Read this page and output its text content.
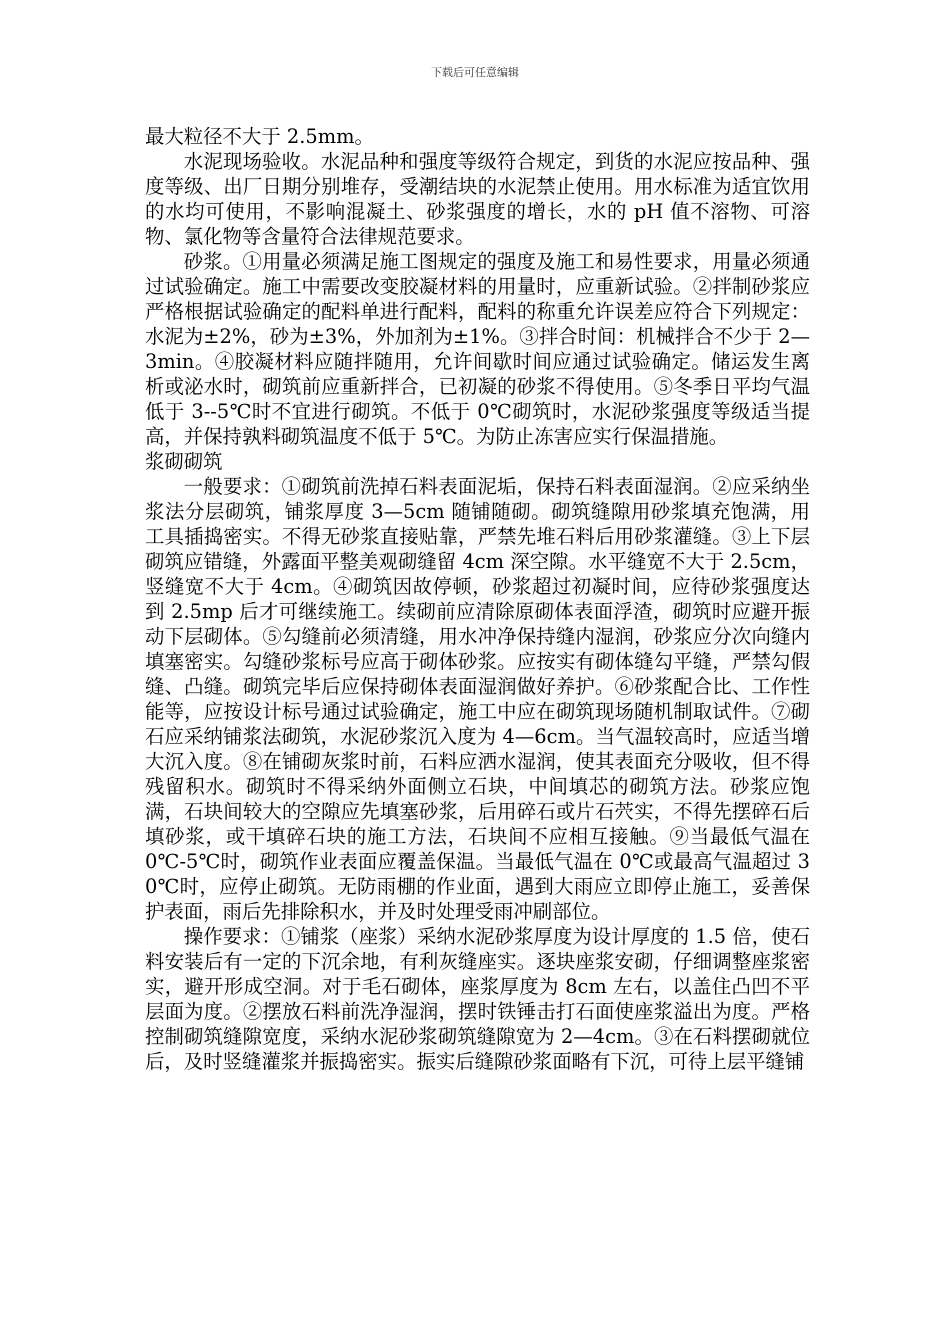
下载后可任意编辑

最大粒径不大于 2.5mm。

水泥现场验收。水泥品种和强度等级符合规定，到货的水泥应按品种、强度等级、出厂日期分别堆存，受潮结块的水泥禁止使用。用水标准为适宜饮用的水均可使用，不影响混凝土、砂浆强度的增长，水的 pH 值不溶物、可溶物、氯化物等含量符合法律规范要求。

砂浆。①用量必须满足施工图规定的强度及施工和易性要求，用量必须通过试验确定。施工中需要改变胶凝材料的用量时，应重新试验。②拌制砂浆应严格根据试验确定的配料单进行配料，配料的称重允许误差应符合下列规定：水泥为±2%，砂为±3%，外加剂为±1%。③拌合时间：机械拌合不少于 2—3min。④胶凝材料应随拌随用，允许间歇时间应通过试验确定。储运发生离析或泌水时，砌筑前应重新拌合，已初凝的砂浆不得使用。⑤冬季日平均气温低于 3--5℃时不宜进行砌筑。不低于 0℃砌筑时，水泥砂浆强度等级适当提高，并保持孰料砌筑温度不低于 5℃。为防止冻害应实行保温措施。

浆砌砌筑

一般要求：①砌筑前洗掉石料表面泥垢，保持石料表面湿润。②应采纳坐浆法分层砌筑，铺浆厚度 3—5cm 随铺随砌。砌筑缝隙用砂浆填充饱满，用工具插捣密实。不得无砂浆直接贴靠，严禁先堆石料后用砂浆灌缝。③上下层砌筑应错缝，外露面平整美观砌缝留 4cm 深空隙。水平缝宽不大于 2.5cm，竖缝宽不大于 4cm。④砌筑因故停顿，砂浆超过初凝时间，应待砂浆强度达到 2.5mp 后才可继续施工。续砌前应清除原砌体表面浮渣，砌筑时应避开振动下层砌体。⑤勾缝前必须清缝，用水冲净保持缝内湿润，砂浆应分次向缝内填塞密实。勾缝砂浆标号应高于砌体砂浆。应按实有砌体缝勾平缝，严禁勾假缝、凸缝。砌筑完毕后应保持砌体表面湿润做好养护。⑥砂浆配合比、工作性能等，应按设计标号通过试验确定，施工中应在砌筑现场随机制取试件。⑦砌石应采纳铺浆法砌筑，水泥砂浆沉入度为 4—6cm。当气温较高时，应适当增大沉入度。⑧在铺砌灰浆时前，石料应洒水湿润，使其表面充分吸收，但不得残留积水。砌筑时不得采纳外面侧立石块，中间填芯的砌筑方法。砂浆应饱满，石块间较大的空隙应先填塞砂浆，后用碎石或片石茓实，不得先摆碎石后填砂浆，或干填碎石块的施工方法，石块间不应相互接触。⑨当最低气温在 0℃-5℃时，砌筑作业表面应覆盖保温。当最低气温在 0℃或最高气温超过 30℃时，应停止砌筑。无防雨棚的作业面，遇到大雨应立即停止施工，妥善保护表面，雨后先排除积水，并及时处理受雨冲刷部位。

操作要求：①铺浆（座浆）采纳水泥砂浆厚度为设计厚度的 1.5 倍，使石料安装后有一定的下沉余地，有利灰缝座实。逐块座浆安砌，仔细调整座浆密实，避开形成空洞。对于毛石砌体，座浆厚度为 8cm 左右，以盖住凸凹不平层面为度。②摆放石料前洗净湿润，摆时铁锤击打石面使座浆溢出为度。严格控制砌筑缝隙宽度，采纳水泥砂浆砌筑缝隙宽为 2—4cm。③在石料摆砌就位后，及时竖缝灌浆并振捣密实。振实后缝隙砂浆面略有下沉，可待上层平缝铺
